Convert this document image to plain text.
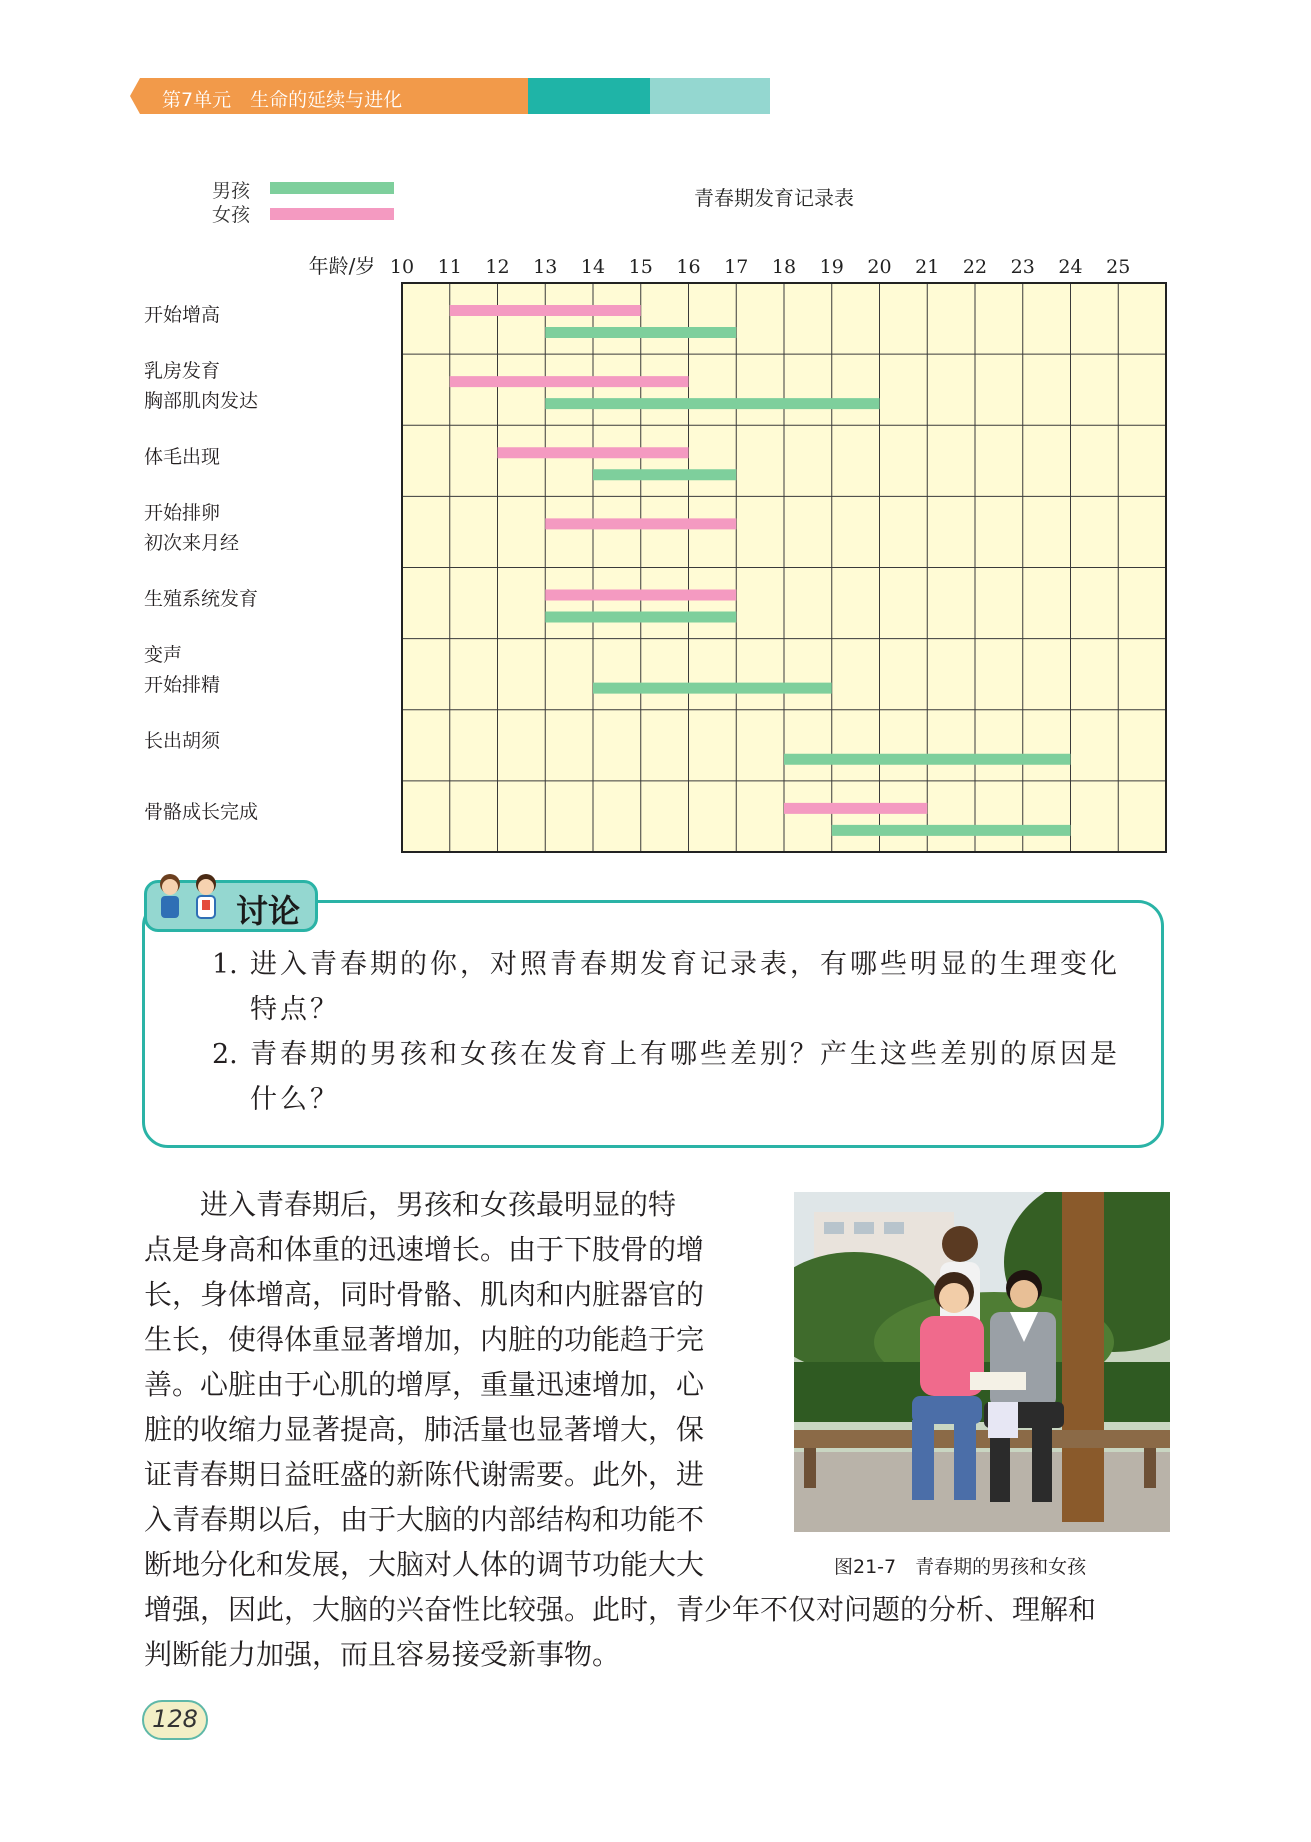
第7单元　生命的延续与进化
男孩
女孩
青春期发育记录表
年龄/岁 10 11 12 13 14 15 16 17 18 19 20 21 22 23 24 25
开始增高
乳房发育
胸部肌肉发达
体毛出现
开始排卵
初次来月经
生殖系统发育
变声
开始排精
长出胡须
骨骼成长完成
讨论
1. 进入青春期的你，对照青春期发育记录表，有哪些明显的生理变化特点？
2. 青春期的男孩和女孩在发育上有哪些差别？产生这些差别的原因是什么？
　　进入青春期后，男孩和女孩最明显的特
点是身高和体重的迅速增长。由于下肢骨的增
长，身体增高，同时骨骼、肌肉和内脏器官的
生长，使得体重显著增加，内脏的功能趋于完
善。心脏由于心肌的增厚，重量迅速增加，心
脏的收缩力显著提高，肺活量也显著增大，保
证青春期日益旺盛的新陈代谢需要。此外，进
入青春期以后，由于大脑的内部结构和功能不
断地分化和发展，大脑对人体的调节功能大大
增强，因此，大脑的兴奋性比较强。此时，青少年不仅对问题的分析、理解和
判断能力加强，而且容易接受新事物。
图21-7　青春期的男孩和女孩
128
